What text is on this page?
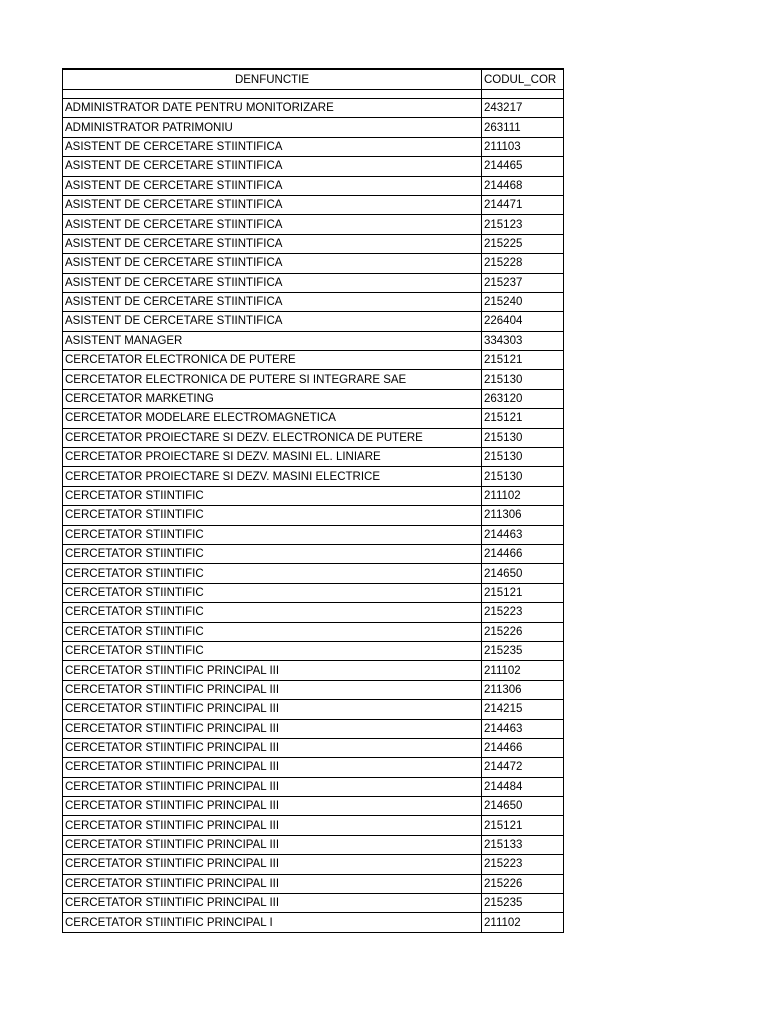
DENFUNCTIE	CODUL_COR

ADMINISTRATOR DATE PENTRU MONITORIZARE	243217
ADMINISTRATOR PATRIMONIU	263111
ASISTENT DE CERCETARE STIINTIFICA	211103
ASISTENT DE CERCETARE STIINTIFICA	214465
ASISTENT DE CERCETARE STIINTIFICA	214468
ASISTENT DE CERCETARE STIINTIFICA	214471
ASISTENT DE CERCETARE STIINTIFICA	215123
ASISTENT DE CERCETARE STIINTIFICA	215225
ASISTENT DE CERCETARE STIINTIFICA	215228
ASISTENT DE CERCETARE STIINTIFICA	215237
ASISTENT DE CERCETARE STIINTIFICA	215240
ASISTENT DE CERCETARE STIINTIFICA	226404
ASISTENT MANAGER	334303
CERCETATOR ELECTRONICA DE PUTERE	215121
CERCETATOR ELECTRONICA DE PUTERE SI INTEGRARE SAE	215130
CERCETATOR MARKETING	263120
CERCETATOR MODELARE ELECTROMAGNETICA	215121
CERCETATOR PROIECTARE SI DEZV. ELECTRONICA DE PUTERE	215130
CERCETATOR PROIECTARE SI DEZV. MASINI EL. LINIARE	215130
CERCETATOR PROIECTARE SI DEZV. MASINI ELECTRICE	215130
CERCETATOR STIINTIFIC	211102
CERCETATOR STIINTIFIC	211306
CERCETATOR STIINTIFIC	214463
CERCETATOR STIINTIFIC	214466
CERCETATOR STIINTIFIC	214650
CERCETATOR STIINTIFIC	215121
CERCETATOR STIINTIFIC	215223
CERCETATOR STIINTIFIC	215226
CERCETATOR STIINTIFIC	215235
CERCETATOR STIINTIFIC PRINCIPAL III	211102
CERCETATOR STIINTIFIC PRINCIPAL III	211306
CERCETATOR STIINTIFIC PRINCIPAL III	214215
CERCETATOR STIINTIFIC PRINCIPAL III	214463
CERCETATOR STIINTIFIC PRINCIPAL III	214466
CERCETATOR STIINTIFIC PRINCIPAL III	214472
CERCETATOR STIINTIFIC PRINCIPAL III	214484
CERCETATOR STIINTIFIC PRINCIPAL III	214650
CERCETATOR STIINTIFIC PRINCIPAL III	215121
CERCETATOR STIINTIFIC PRINCIPAL III	215133
CERCETATOR STIINTIFIC PRINCIPAL III	215223
CERCETATOR STIINTIFIC PRINCIPAL III	215226
CERCETATOR STIINTIFIC PRINCIPAL III	215235
CERCETATOR STIINTIFIC PRINCIPAL I	211102
